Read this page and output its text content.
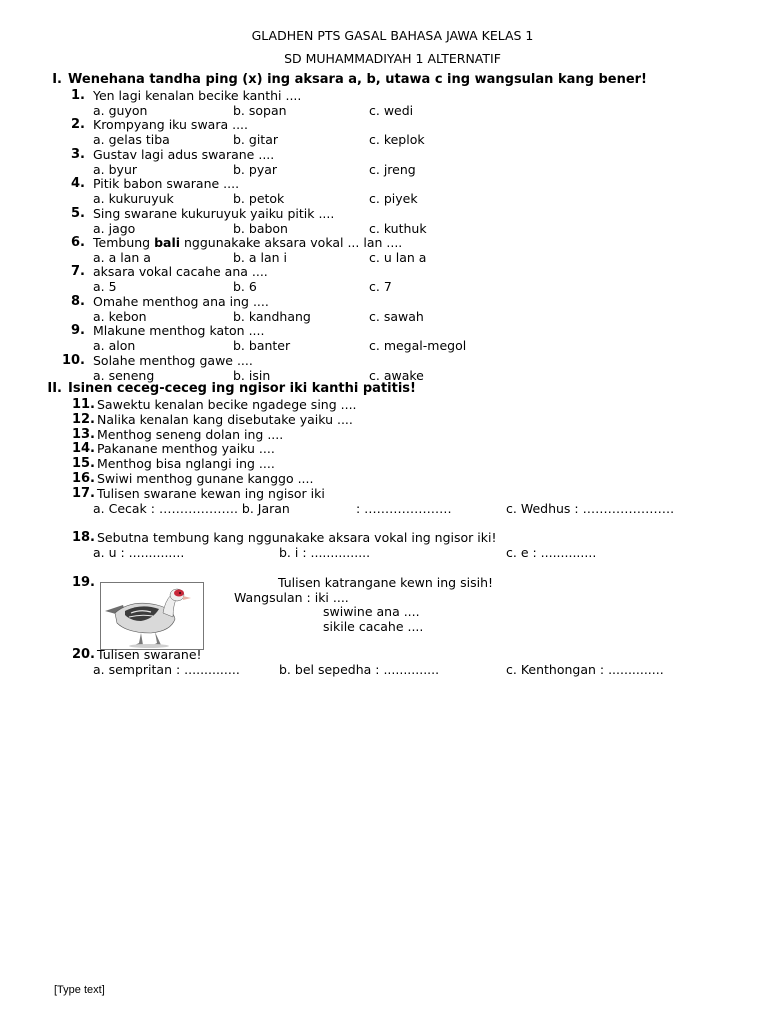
GLADHEN PTS GASAL BAHASA JAWA KELAS 1
SD MUHAMMADIYAH 1 ALTERNATIF
I. Wenehana tandha ping (x) ing aksara a, b, utawa c ing wangsulan kang bener!
1. Yen lagi kenalan becike kanthi ....
a. guyon	b. sopan	c. wedi
2. Krompyang iku swara ....
a. gelas tiba	b. gitar	c. keplok
3. Gustav lagi adus swarane ....
a. byur	b. pyar	c. jreng
4. Pitik babon swarane ....
a. kukuruyuk	b. petok	c. piyek
5. Sing swarane kukuruyuk yaiku pitik ....
a. jago	b. babon	c. kuthuk
6. Tembung bali nggunakake aksara vokal ... lan ....
a. a lan a	b. a lan i	c. u lan a
7. aksara vokal cacahe ana ....
a. 5	b. 6	c. 7
8. Omahe menthog ana ing ....
a. kebon	b. kandhang	c. sawah
9. Mlakune menthog katon ....
a. alon	b. banter	c. megal-megol
10. Solahe menthog gawe ....
a. seneng	b. isin	c. awake
II. Isinen ceceg-ceceg ing ngisor iki kanthi patitis!
11. Sawektu kenalan becike ngadege sing ....
12. Nalika kenalan kang disebutake yaiku ....
13. Menthog seneng dolan ing ....
14. Pakanane menthog yaiku ....
15. Menthog bisa nglangi ing ....
16. Swiwi menthog gunane kanggo ....
17. Tulisen swarane kewan ing ngisor iki
a. Cecak : ………………. b. Jaran	: …………………	c. Wedhus : ………………….
18. Sebutna tembung kang nggunakake aksara vokal ing ngisor iki!
a. u : ..............	b. i : ...............	c. e : ..............
19.	Tulisen katrangane kewn ing sisih!
Wangsulan : iki ....
swiwine ana ....
sikile cacahe ....
20. Tulisen swarane!
a. sempritan : ..............	b. bel sepedha : ..............	c. Kenthongan : ..............
[Type text]
